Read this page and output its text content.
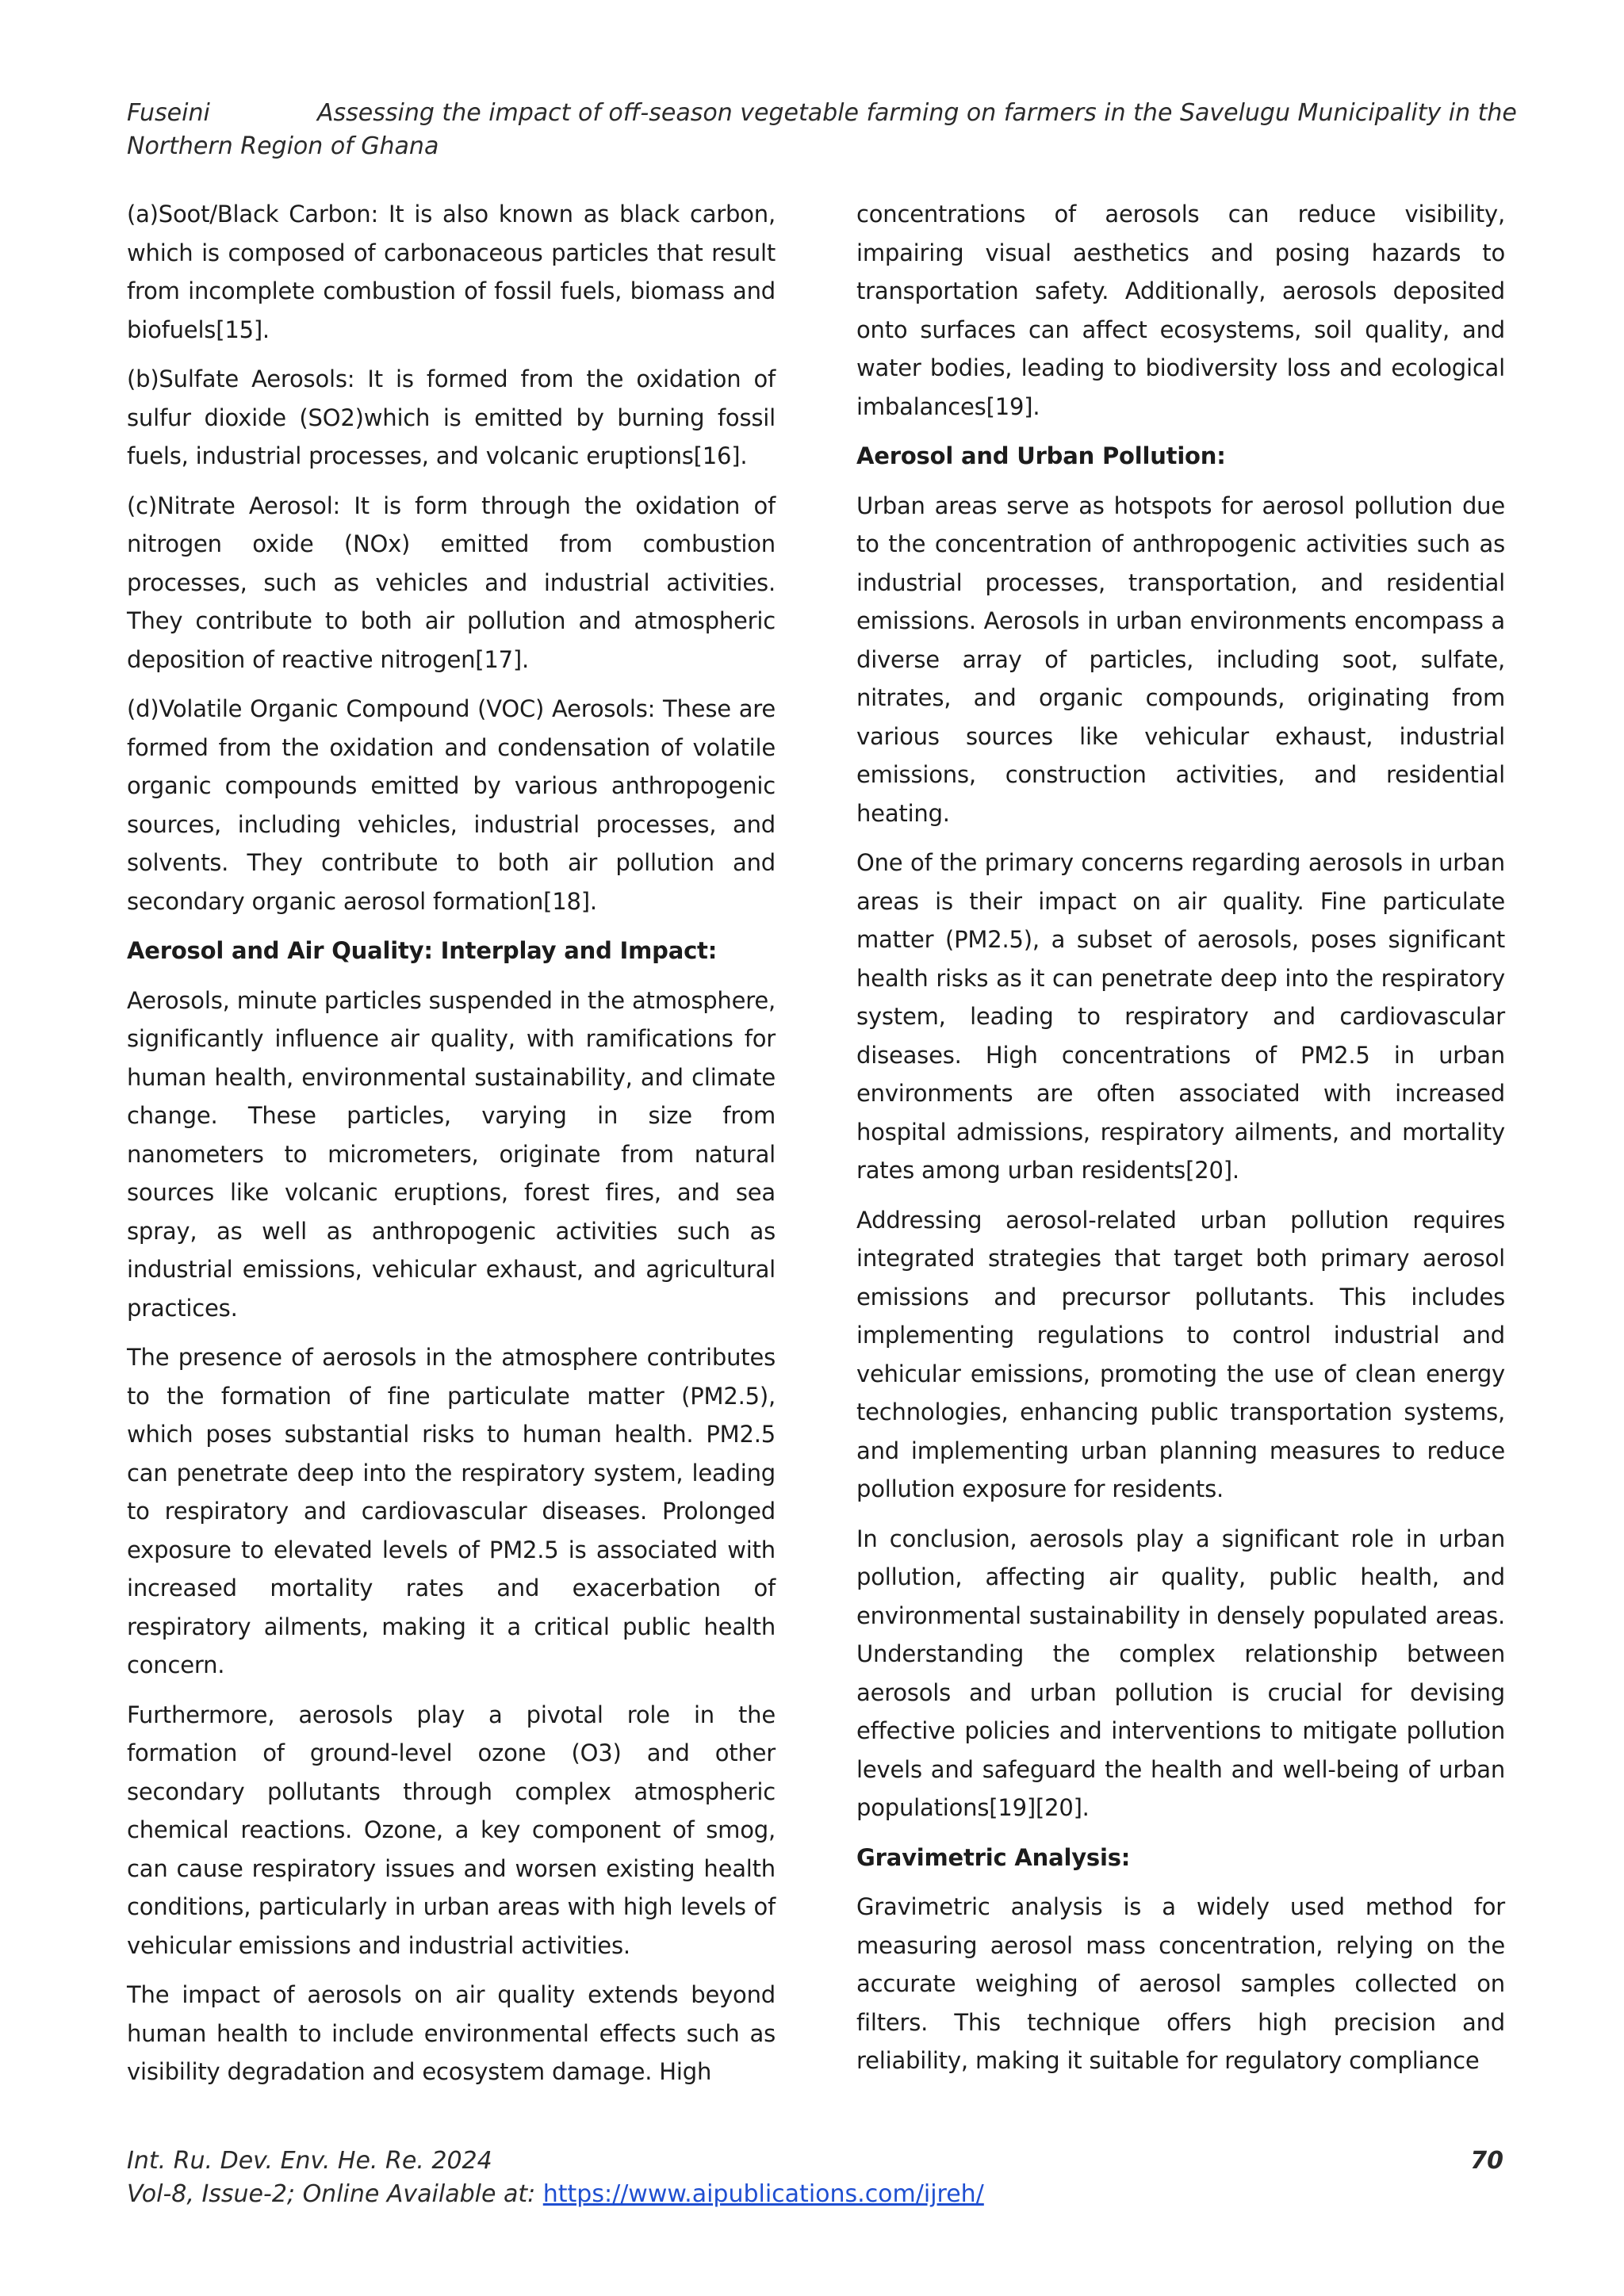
Fuseini	Assessing the impact of off-season vegetable farming on farmers in the Savelugu Municipality in the Northern Region of Ghana

(a)Soot/Black Carbon: It is also known as black carbon, which is composed of carbonaceous particles that result from incomplete combustion of fossil fuels, biomass and biofuels[15].

(b)Sulfate Aerosols: It is formed from the oxidation of sulfur dioxide (SO2)which is emitted by burning fossil fuels, industrial processes, and volcanic eruptions[16].

(c)Nitrate Aerosol: It is form through the oxidation of nitrogen oxide (NOx) emitted from combustion processes, such as vehicles and industrial activities. They contribute to both air pollution and atmospheric deposition of reactive nitrogen[17].

(d)Volatile Organic Compound (VOC) Aerosols: These are formed from the oxidation and condensation of volatile organic compounds emitted by various anthropogenic sources, including vehicles, industrial processes, and solvents. They contribute to both air pollution and secondary organic aerosol formation[18].

Aerosol and Air Quality: Interplay and Impact:

Aerosols, minute particles suspended in the atmosphere, significantly influence air quality, with ramifications for human health, environmental sustainability, and climate change. These particles, varying in size from nanometers to micrometers, originate from natural sources like volcanic eruptions, forest fires, and sea spray, as well as anthropogenic activities such as industrial emissions, vehicular exhaust, and agricultural practices.

The presence of aerosols in the atmosphere contributes to the formation of fine particulate matter (PM2.5), which poses substantial risks to human health. PM2.5 can penetrate deep into the respiratory system, leading to respiratory and cardiovascular diseases. Prolonged exposure to elevated levels of PM2.5 is associated with increased mortality rates and exacerbation of respiratory ailments, making it a critical public health concern.

Furthermore, aerosols play a pivotal role in the formation of ground-level ozone (O3) and other secondary pollutants through complex atmospheric chemical reactions. Ozone, a key component of smog, can cause respiratory issues and worsen existing health conditions, particularly in urban areas with high levels of vehicular emissions and industrial activities.

The impact of aerosols on air quality extends beyond human health to include environmental effects such as visibility degradation and ecosystem damage. High

concentrations of aerosols can reduce visibility, impairing visual aesthetics and posing hazards to transportation safety. Additionally, aerosols deposited onto surfaces can affect ecosystems, soil quality, and water bodies, leading to biodiversity loss and ecological imbalances[19].

Aerosol and Urban Pollution:

Urban areas serve as hotspots for aerosol pollution due to the concentration of anthropogenic activities such as industrial processes, transportation, and residential emissions. Aerosols in urban environments encompass a diverse array of particles, including soot, sulfate, nitrates, and organic compounds, originating from various sources like vehicular exhaust, industrial emissions, construction activities, and residential heating.

One of the primary concerns regarding aerosols in urban areas is their impact on air quality. Fine particulate matter (PM2.5), a subset of aerosols, poses significant health risks as it can penetrate deep into the respiratory system, leading to respiratory and cardiovascular diseases. High concentrations of PM2.5 in urban environments are often associated with increased hospital admissions, respiratory ailments, and mortality rates among urban residents[20].

Addressing aerosol-related urban pollution requires integrated strategies that target both primary aerosol emissions and precursor pollutants. This includes implementing regulations to control industrial and vehicular emissions, promoting the use of clean energy technologies, enhancing public transportation systems, and implementing urban planning measures to reduce pollution exposure for residents.

In conclusion, aerosols play a significant role in urban pollution, affecting air quality, public health, and environmental sustainability in densely populated areas. Understanding the complex relationship between aerosols and urban pollution is crucial for devising effective policies and interventions to mitigate pollution levels and safeguard the health and well-being of urban populations[19][20].

Gravimetric Analysis:

Gravimetric analysis is a widely used method for measuring aerosol mass concentration, relying on the accurate weighing of aerosol samples collected on filters. This technique offers high precision and reliability, making it suitable for regulatory compliance

Int. Ru. Dev. Env. He. Re. 2024
Vol-8, Issue-2; Online Available at: https://www.aipublications.com/ijreh/
70
